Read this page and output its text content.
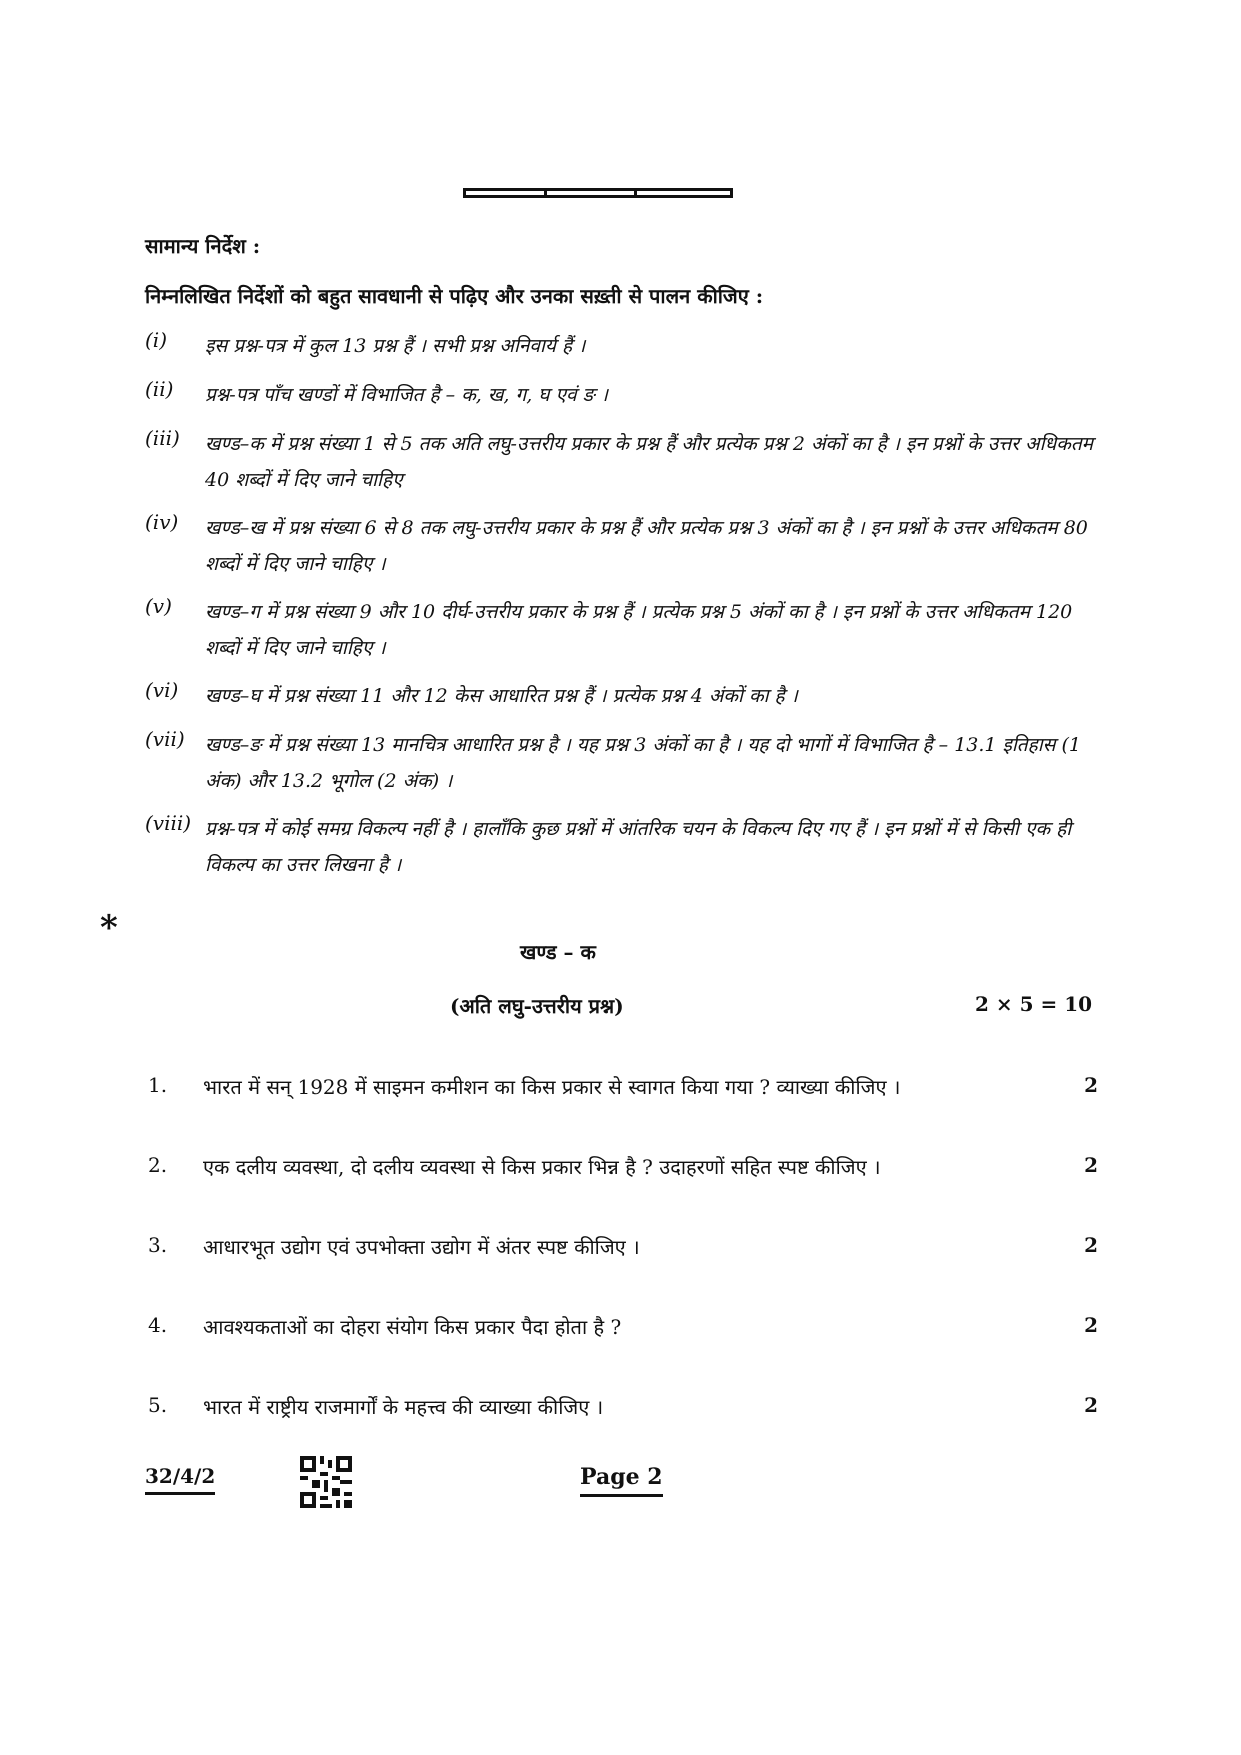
सामान्य निर्देश :
निम्नलिखित निर्देशों को बहुत सावधानी से पढ़िए और उनका सख़्ती से पालन कीजिए :
(i) इस प्रश्न-पत्र में कुल 13 प्रश्न हैं । सभी प्रश्न अनिवार्य हैं ।
(ii) प्रश्न-पत्र पाँच खण्डों में विभाजित है – क, ख, ग, घ एवं ङ ।
(iii) खण्ड–क में प्रश्न संख्या 1 से 5 तक अति लघु-उत्तरीय प्रकार के प्रश्न हैं और प्रत्येक प्रश्न 2 अंकों का है । इन प्रश्नों के उत्तर अधिकतम 40 शब्दों में दिए जाने चाहिए
(iv) खण्ड–ख में प्रश्न संख्या 6 से 8 तक लघु-उत्तरीय प्रकार के प्रश्न हैं और प्रत्येक प्रश्न 3 अंकों का है । इन प्रश्नों के उत्तर अधिकतम 80 शब्दों में दिए जाने चाहिए ।
(v) खण्ड–ग में प्रश्न संख्या 9 और 10 दीर्घ-उत्तरीय प्रकार के प्रश्न हैं । प्रत्येक प्रश्न 5 अंकों का है । इन प्रश्नों के उत्तर अधिकतम 120 शब्दों में दिए जाने चाहिए ।
(vi) खण्ड–घ में प्रश्न संख्या 11 और 12 केस आधारित प्रश्न हैं । प्रत्येक प्रश्न 4 अंकों का है ।
(vii) खण्ड–ङ में प्रश्न संख्या 13 मानचित्र आधारित प्रश्न है । यह प्रश्न 3 अंकों का है । यह दो भागों में विभाजित है – 13.1 इतिहास (1 अंक) और 13.2 भूगोल (2 अंक) ।
(viii) प्रश्न-पत्र में कोई समग्र विकल्प नहीं है । हालाँकि कुछ प्रश्नों में आंतरिक चयन के विकल्प दिए गए हैं । इन प्रश्नों में से किसी एक ही विकल्प का उत्तर लिखना है ।
*
खण्ड – क
(अति लघु-उत्तरीय प्रश्न)	2 × 5 = 10
1. भारत में सन् 1928 में साइमन कमीशन का किस प्रकार से स्वागत किया गया ? व्याख्या कीजिए ।	2
2. एक दलीय व्यवस्था, दो दलीय व्यवस्था से किस प्रकार भिन्न है ? उदाहरणों सहित स्पष्ट कीजिए ।	2
3. आधारभूत उद्योग एवं उपभोक्ता उद्योग में अंतर स्पष्ट कीजिए ।	2
4. आवश्यकताओं का दोहरा संयोग किस प्रकार पैदा होता है ?	2
5. भारत में राष्ट्रीय राजमार्गों के महत्त्व की व्याख्या कीजिए ।	2
32/4/2	Page 2
